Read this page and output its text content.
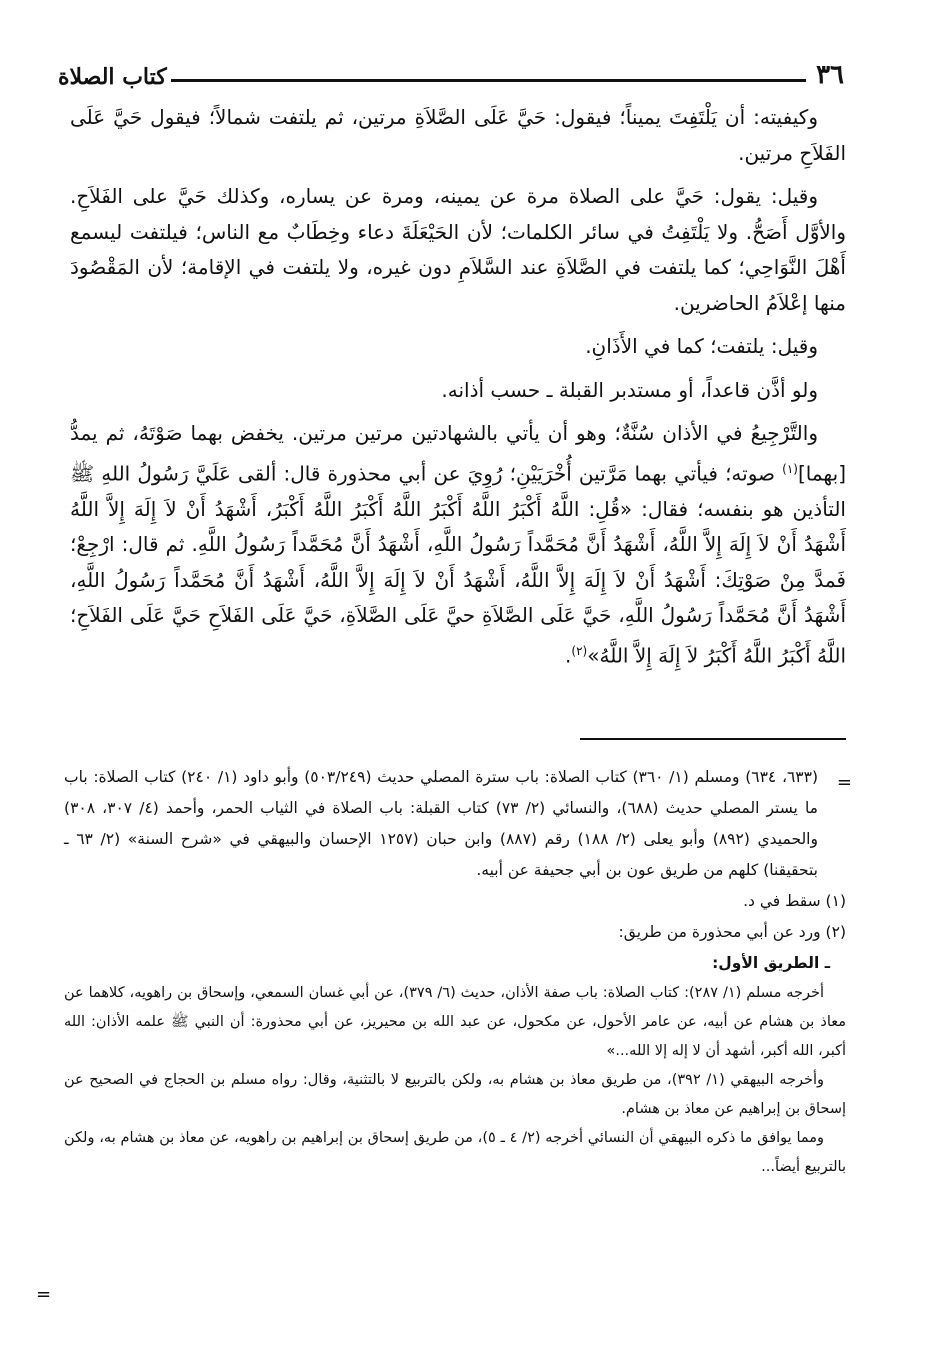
٣٦
كتاب الصلاة

وكيفيته: أن يَلْتَفِتَ يميناً؛ فيقول: حَيَّ عَلَى الصَّلاَةِ مرتين، ثم يلتفت شمالاً؛ فيقول حَيَّ عَلَى الفَلاَحِ مرتين.

وقيل: يقول: حَيَّ على الصلاة مرة عن يمينه، ومرة عن يساره، وكذلك حَيَّ على الفَلاَحِ. والأوَّل أَصَحُّ. ولا يَلْتَفِتُ في سائر الكلمات؛ لأن الحَيْعَلَةَ دعاء وخِطَابٌ مع الناس؛ فيلتفت ليسمع أَهْلَ النَّوَاحِي؛ كما يلتفت في الصَّلاَةِ عند السَّلاَمِ دون غيره، ولا يلتفت في الإقامة؛ لأن المَقْصُودَ منها إعْلاَمُ الحاضرين.

وقيل: يلتفت؛ كما في الأَذَانِ.

ولو أذَّن قاعداً، أو مستدبر القبلة ـ حسب أذانه.

والتَّرْجِيعُ في الأذان سُنَّةٌ؛ وهو أن يأتي بالشهادتين مرتين مرتين. يخفض بهما صَوْتَهُ، ثم يمدُّ [بهما]$^{(١)}$ صوته؛ فيأتي بهما مَرَّتين أُخْرَيَيْنِ؛ رُوِيَ عن أبي محذورة قال: ألقى عَلَيَّ رَسُولُ اللهِ ﷺ التأذين هو بنفسه؛ فقال: «قُلِ: اللَّهُ أَكْبَرُ اللَّهُ أَكْبَرُ اللَّهُ أَكْبَرُ اللَّهُ أَكْبَرُ، أَشْهَدُ أَنْ لاَ إِلَهَ إِلاَّ اللَّهُ أَشْهَدُ أَنْ لاَ إِلَهَ إِلاَّ اللَّهُ، أَشْهَدُ أَنَّ مُحَمَّداً رَسُولُ اللَّهِ، أَشْهَدُ أَنَّ مُحَمَّداً رَسُولُ اللَّهِ. ثم قال: ارْجِعْ؛ فَمدَّ مِنْ صَوْتِكَ: أَشْهَدُ أَنْ لاَ إِلَهَ إِلاَّ اللَّهُ، أَشْهَدُ أَنْ لاَ إِلَهَ إِلاَّ اللَّهُ، أَشْهَدُ أَنَّ مُحَمَّداً رَسُولُ اللَّهِ، أَشْهَدُ أَنَّ مُحَمَّداً رَسُولُ اللَّهِ، حَيَّ عَلَى الصَّلاَةِ حيَّ عَلَى الصَّلاَةِ، حَيَّ عَلَى الفَلاَحِ حَيَّ عَلَى الفَلاَحِ؛ اللَّهُ أَكْبَرُ اللَّهُ أَكْبَرُ لاَ إِلَهَ إِلاَّ اللَّهُ»$^{(٢)}$.

=

(٦٣٣، ٦٣٤) ومسلم (١/ ٣٦٠) كتاب الصلاة: باب سترة المصلي حديث (٥٠٣/٢٤٩) وأبو داود (١/ ٢٤٠) كتاب الصلاة: باب ما يستر المصلي حديث (٦٨٨)، والنسائي (٢/ ٧٣) كتاب القبلة: باب الصلاة في الثياب الحمر، وأحمد (٤/ ٣٠٧، ٣٠٨) والحميدي (٨٩٢) وأبو يعلى (٢/ ١٨٨) رقم (٨٨٧) وابن حبان (١٢٥٧ الإحسان والبيهقي في «شرح السنة» (٢/ ٦٣ ـ بتحقيقنا) كلهم من طريق عون بن أبي جحيفة عن أبيه.

(١) سقط في د.

(٢) ورد عن أبي محذورة من طريق:

ـ الطريق الأول:

أخرجه مسلم (١/ ٢٨٧): كتاب الصلاة: باب صفة الأذان، حديث (٦/ ٣٧٩)، عن أبي غسان السمعي، وإسحاق بن راهويه، كلاهما عن معاذ بن هشام عن أبيه، عن عامر الأحول، عن مكحول، عن عبد الله بن محيريز، عن أبي محذورة: أن النبي ﷺ علمه الأذان: الله أكبر، الله أكبر، أشهد أن لا إله إلا الله...»

وأخرجه البيهقي (١/ ٣٩٢)، من طريق معاذ بن هشام به، ولكن بالتربيع لا بالتثنية، وقال: رواه مسلم بن الحجاج في الصحيح عن إسحاق بن إبراهيم عن معاذ بن هشام.

ومما يوافق ما ذكره البيهقي أن النسائي أخرجه (٢/ ٤ ـ ٥)، من طريق إسحاق بن إبراهيم بن راهويه، عن معاذ بن هشام به، ولكن بالتربيع أيضاً...

=
